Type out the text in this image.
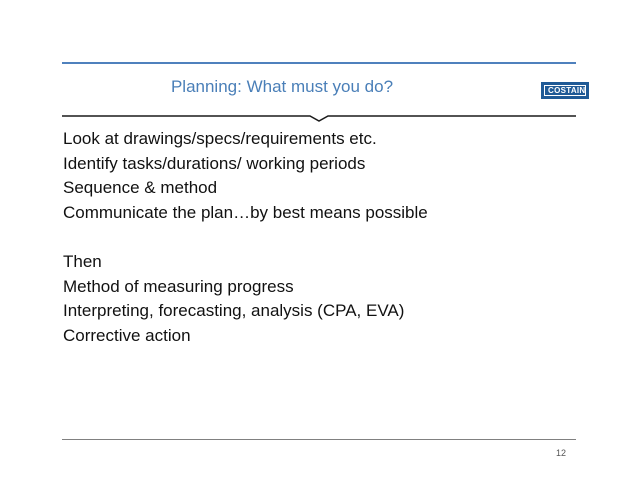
Planning: What must you do?	COSTAIN
Look at drawings/specs/requirements etc.
Identify tasks/durations/ working periods
Sequence & method
Communicate the plan…by best means possible
Then
Method of measuring progress
Interpreting, forecasting, analysis (CPA, EVA)
Corrective action
12
